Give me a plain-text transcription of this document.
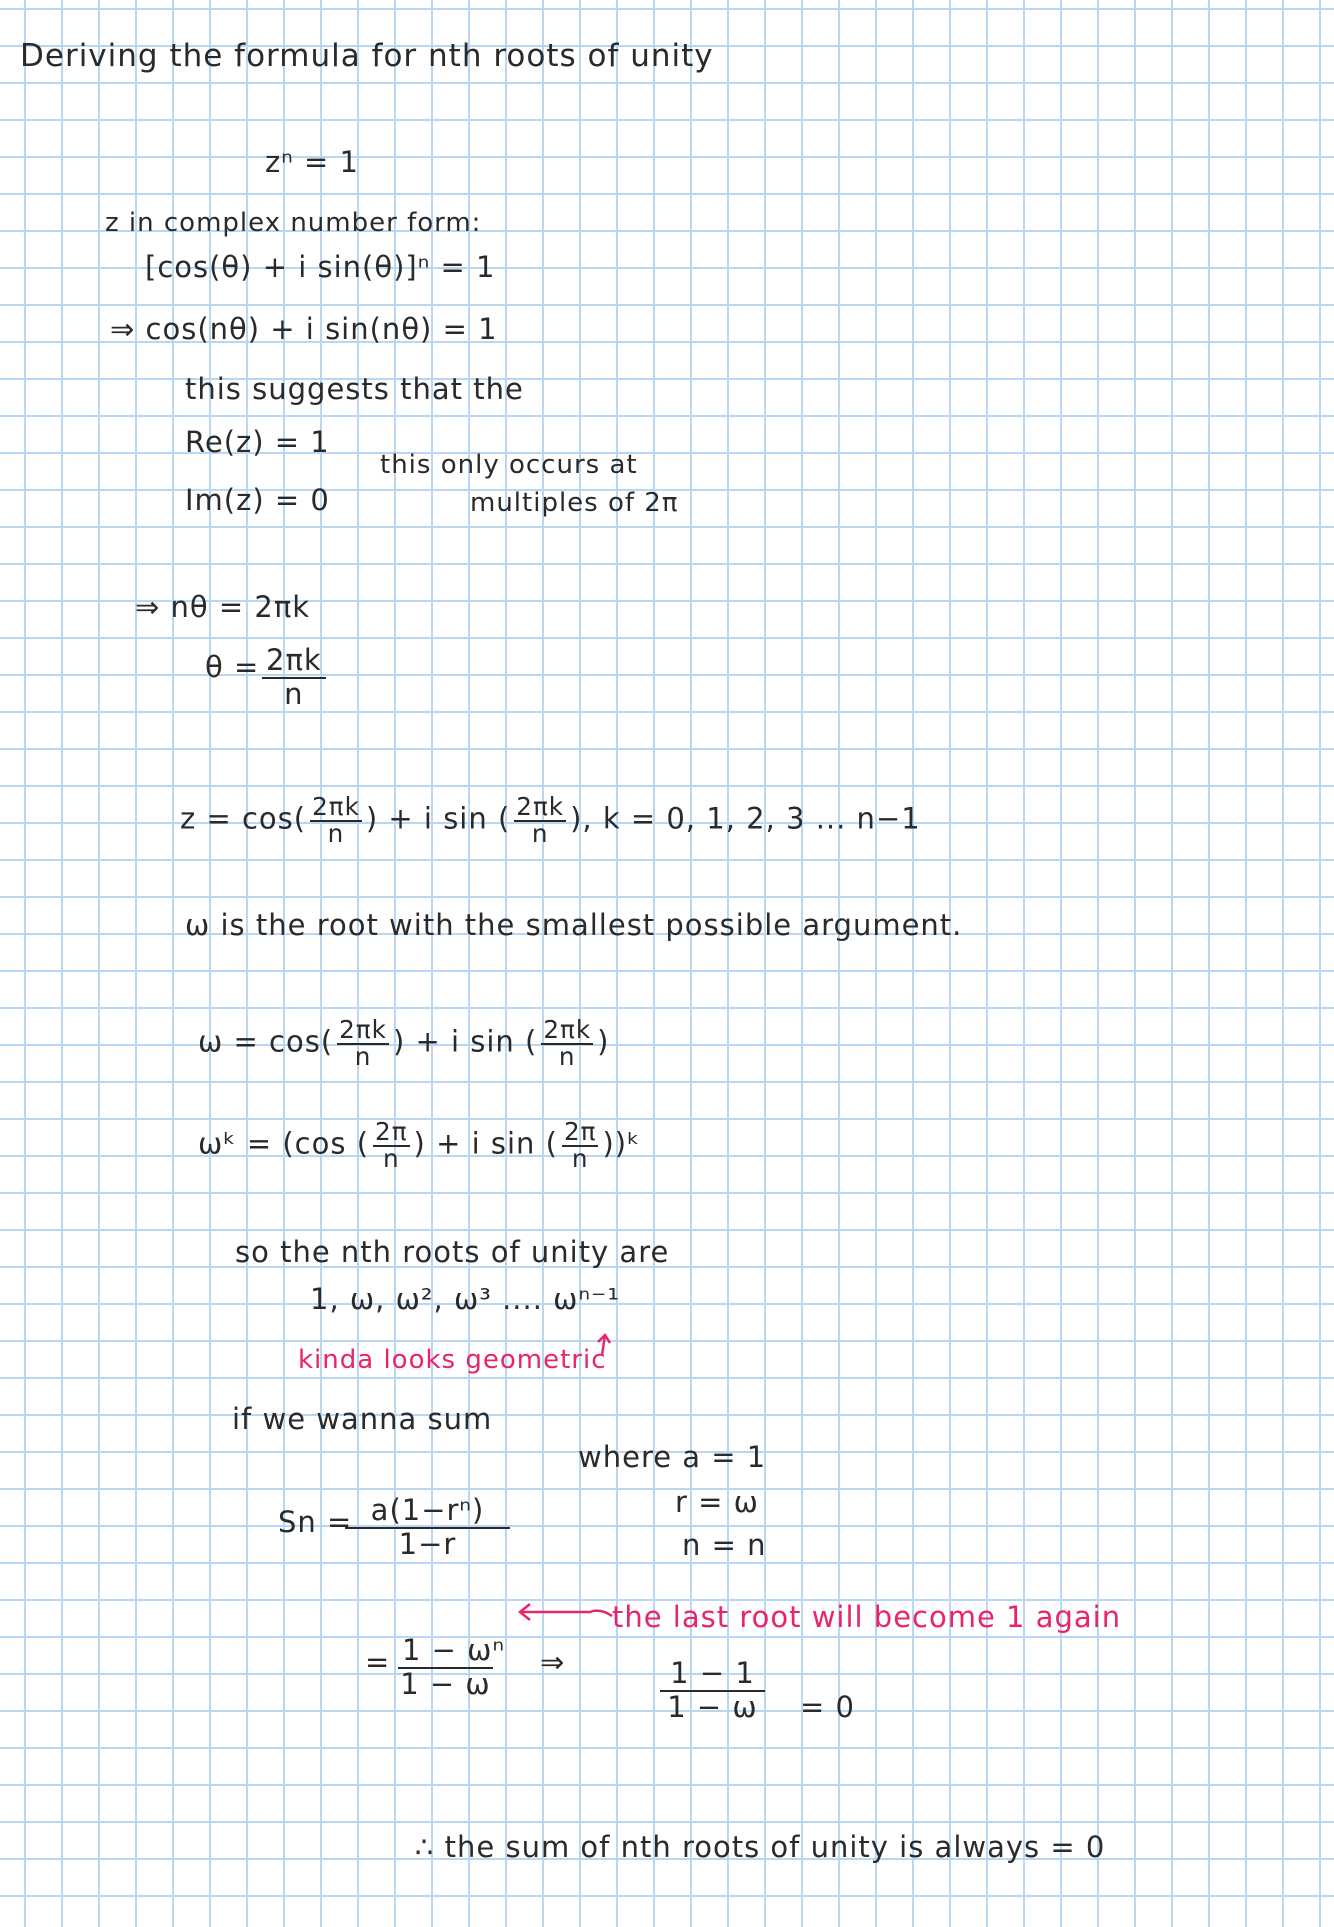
Deriving the formula for nth roots of unity
zⁿ = 1
z in complex number form:
[cos(θ) + i sin(θ)]ⁿ = 1
⇒ cos(nθ) + i sin(nθ) = 1
this suggests that the
Re(z) = 1
Im(z) = 0
this only occurs at
multiples of 2π
⇒ nθ = 2πk
$\theta = \frac{2\pi k}{n}$
$z = \cos( \frac{2\pi k}{n}$ ) + i sin ( $\frac{2\pi k}{n}$ ), k = 0, 1, 2, 3 ... n−1
ω is the root with the smallest possible argument.
$\omega = \cos( \frac{2\pi k}{n}$ ) + i sin ( $\frac{2\pi k}{n}$ )
ωᵏ = (cos ( $\frac{2\pi}{n}$ ) + i sin ( $\frac{2\pi}{n}$ ))ᵏ
so the nth roots of unity are
1, ω, ω², ω³ .... ωⁿ⁻¹
kinda looks geometric
if we wanna sum
where a = 1
r = ω
n = n
Sn =
$\frac{\text{a(1−rⁿ)}}{1-r}$
= $\frac{\text{1 − ωⁿ}}{1 - \omega}$ ⇒
the last root will become 1 again
$\frac{1 - 1}{1 - \omega} = 0$
∴ the sum of nth roots of unity is always = 0
